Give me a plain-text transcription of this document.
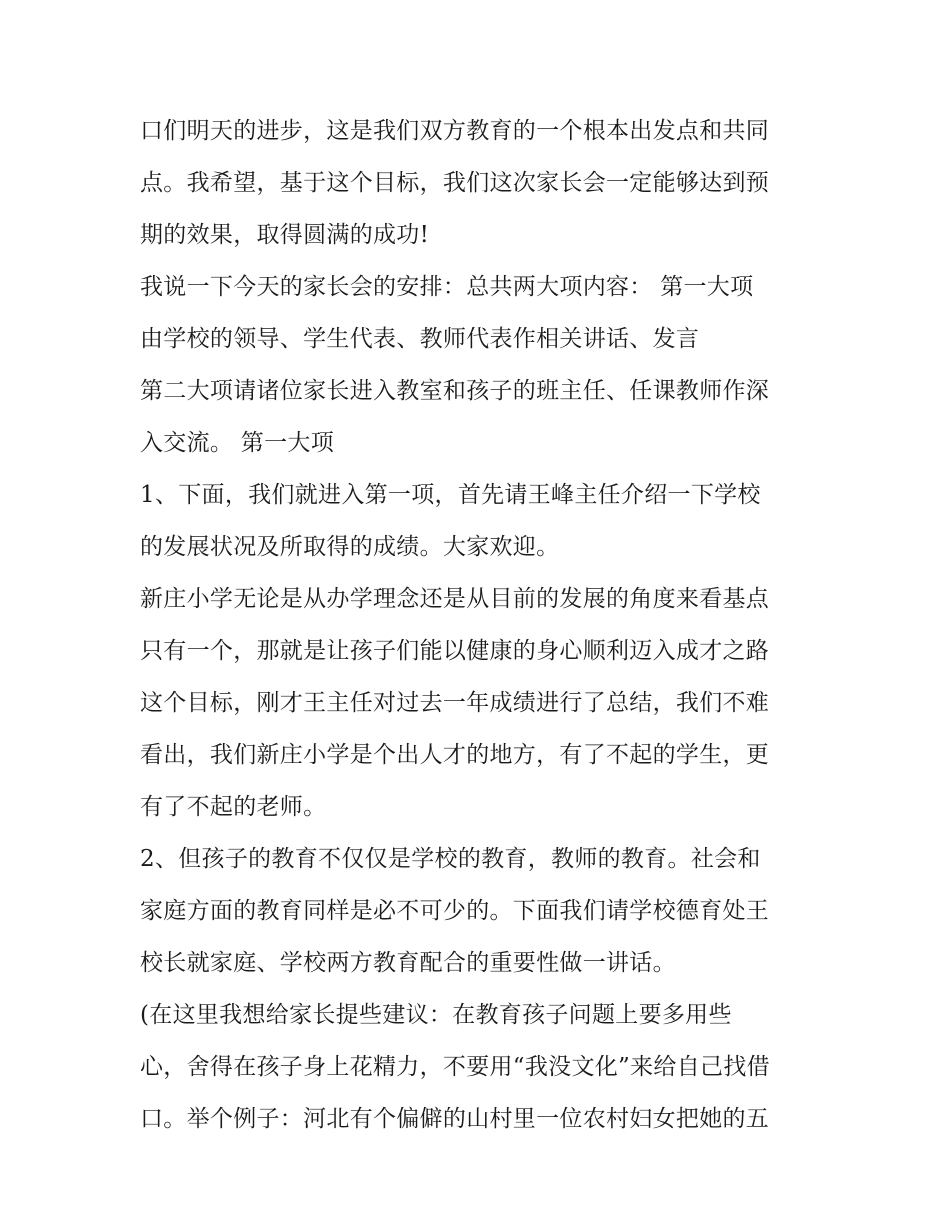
口们明天的进步，这是我们双方教育的一个根本出发点和共同
点。我希望，基于这个目标，我们这次家长会一定能够达到预
期的效果，取得圆满的成功!
我说一下今天的家长会的安排：总共两大项内容： 第一大项
由学校的领导、学生代表、教师代表作相关讲话、发言
第二大项请诸位家长进入教室和孩子的班主任、任课教师作深
入交流。 第一大项
1、下面，我们就进入第一项，首先请王峰主任介绍一下学校
的发展状况及所取得的成绩。大家欢迎。
新庄小学无论是从办学理念还是从目前的发展的角度来看基点
只有一个，那就是让孩子们能以健康的身心顺利迈入成才之路
这个目标，刚才王主任对过去一年成绩进行了总结，我们不难
看出，我们新庄小学是个出人才的地方，有了不起的学生，更
有了不起的老师。
2、但孩子的教育不仅仅是学校的教育，教师的教育。社会和
家庭方面的教育同样是必不可少的。下面我们请学校德育处王
校长就家庭、学校两方教育配合的重要性做一讲话。
(在这里我想给家长提些建议：在教育孩子问题上要多用些
心，舍得在孩子身上花精力，不要用“我没文化”来给自己找借
口。举个例子：河北有个偏僻的山村里一位农村妇女把她的五
